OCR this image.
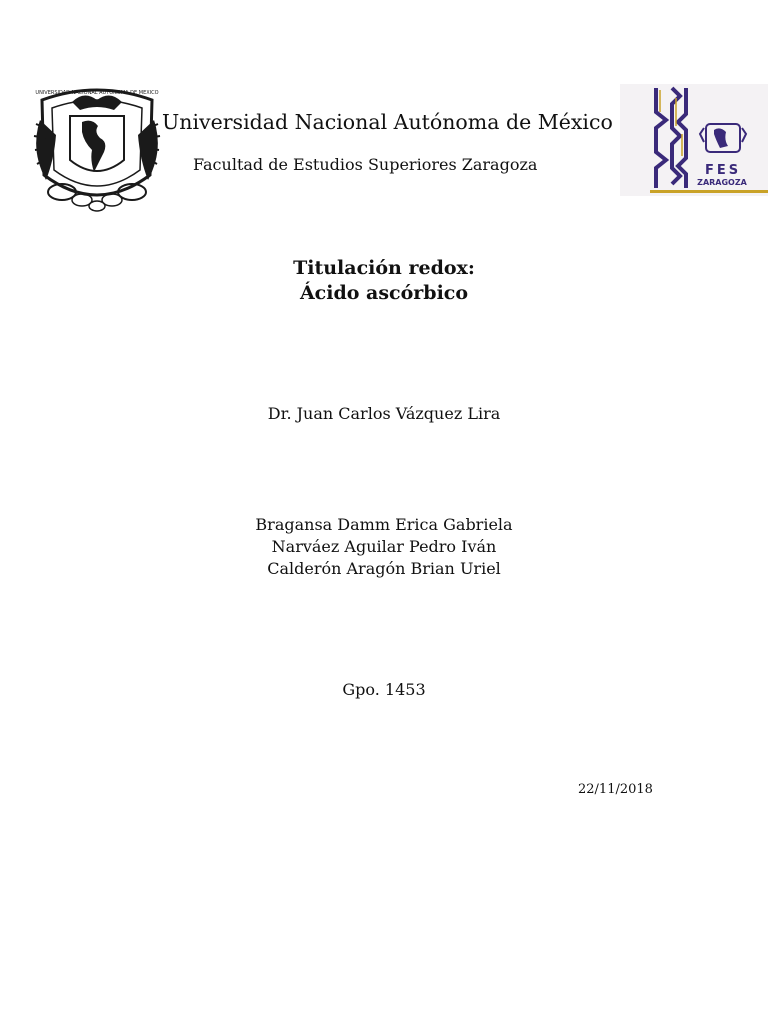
UNIVERSIDAD NACIONAL AUTONOMA DE MEXICO
Universidad Nacional Autónoma de México
Facultad de Estudios Superiores Zaragoza	FES
ZARAGOZA
Titulación redox:
Ácido ascórbico
Dr. Juan Carlos Vázquez Lira
Bragansa Damm Erica Gabriela
Narváez Aguilar Pedro Iván
Calderón Aragón Brian Uriel
Gpo. 1453
22/11/2018
